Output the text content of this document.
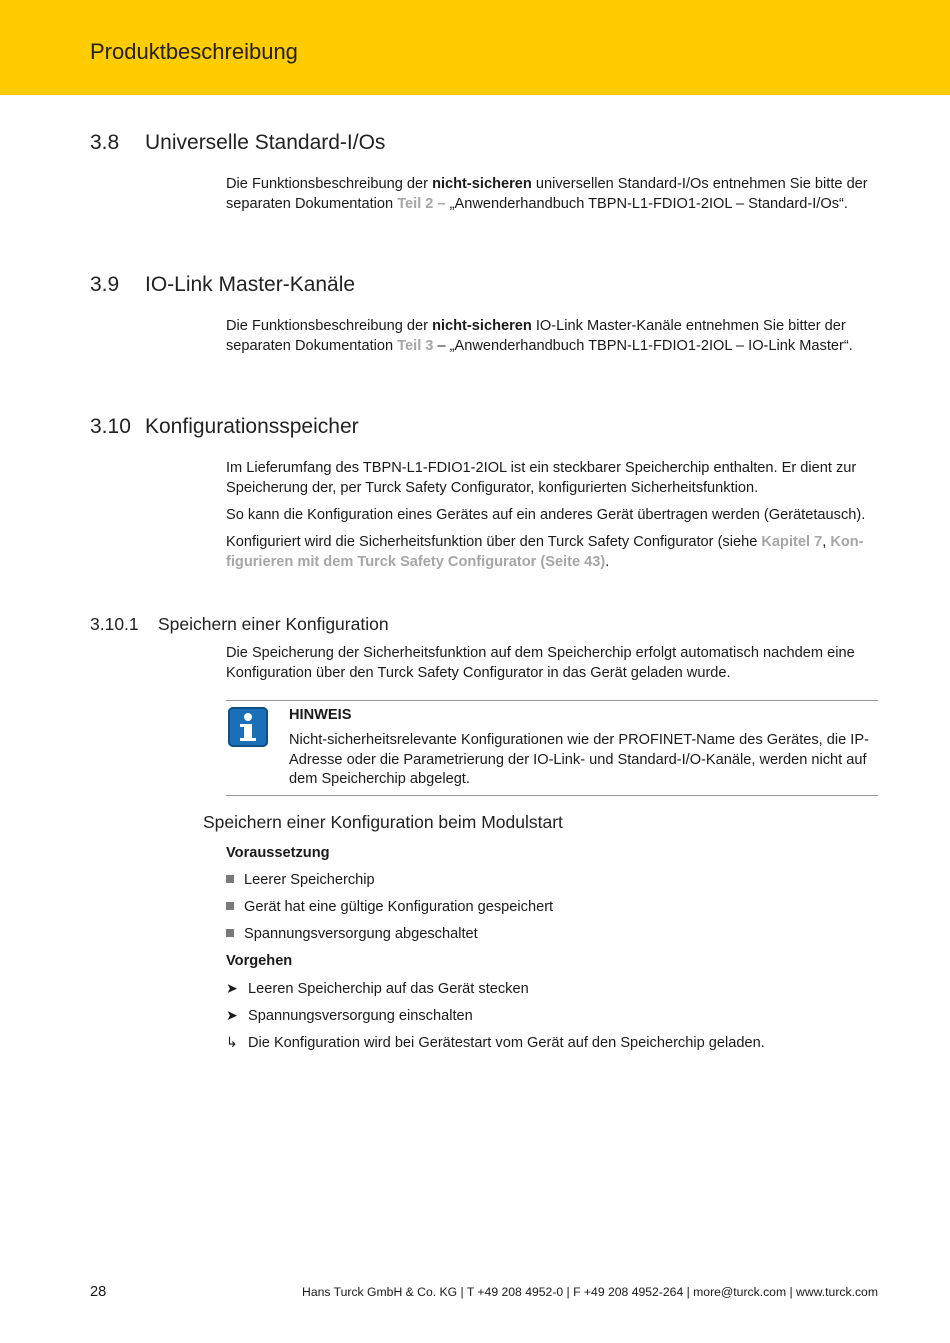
Produktbeschreibung
3.8 Universelle Standard-I/Os
Die Funktionsbeschreibung der nicht-sicheren universellen Standard-I/Os entnehmen Sie bitte der separaten Dokumentation Teil 2 – „Anwenderhandbuch TBPN-L1-FDIO1-2IOL – Standard-I/Os“.
3.9 IO-Link Master-Kanäle
Die Funktionsbeschreibung der nicht-sicheren IO-Link Master-Kanäle entnehmen Sie bitter der separaten Dokumentation Teil 3 – „Anwenderhandbuch TBPN-L1-FDIO1-2IOL – IO-Link Master“.
3.10 Konfigurationsspeicher
Im Lieferumfang des TBPN-L1-FDIO1-2IOL ist ein steckbarer Speicherchip enthalten. Er dient zur Speicherung der, per Turck Safety Configurator, konfigurierten Sicherheitsfunktion.
So kann die Konfiguration eines Gerätes auf ein anderes Gerät übertragen werden (Gerätetausch).
Konfiguriert wird die Sicherheitsfunktion über den Turck Safety Configurator (siehe Kapitel 7, Kon- figurieren mit dem Turck Safety Configurator (Seite 43).
3.10.1 Speichern einer Konfiguration
Die Speicherung der Sicherheitsfunktion auf dem Speicherchip erfolgt automatisch nachdem eine Konfiguration über den Turck Safety Configurator in das Gerät geladen wurde.
HINWEIS
Nicht-sicherheitsrelevante Konfigurationen wie der PROFINET-Name des Gerätes, die IP-Adresse oder die Parametrierung der IO-Link- und Standard-I/O-Kanäle, werden nicht auf dem Speicherchip abgelegt.
Speichern einer Konfiguration beim Modulstart
Voraussetzung
Leerer Speicherchip
Gerät hat eine gültige Konfiguration gespeichert
Spannungsversorgung abgeschaltet
Vorgehen
➤ Leeren Speicherchip auf das Gerät stecken
➤ Spannungsversorgung einschalten
↳ Die Konfiguration wird bei Gerätestart vom Gerät auf den Speicherchip geladen.
28	Hans Turck GmbH & Co. KG | T +49 208 4952-0 | F +49 208 4952-264 | more@turck.com | www.turck.com
